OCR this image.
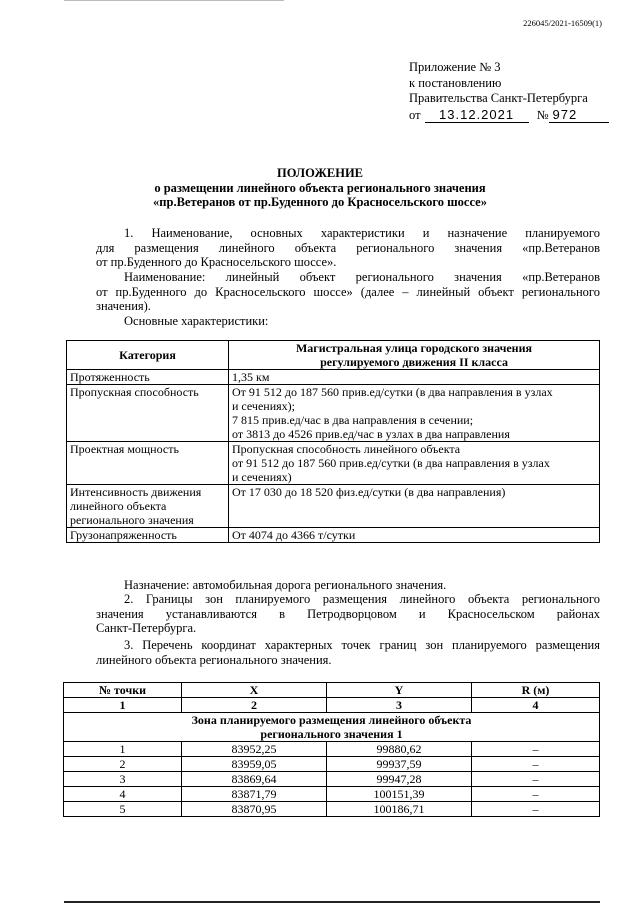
226045/2021-16509(1)
Приложение № 3
к постановлению
Правительства Санкт-Петербурга
от	13.12.2021	№ 972
ПОЛОЖЕНИЕ
о размещении линейного объекта регионального значения
«пр.Ветеранов от пр.Буденного до Красносельского шоссе»
1. Наименование, основных характеристики и назначение планируемого
для размещения линейного объекта регионального значения «пр.Ветеранов
от пр.Буденного до Красносельского шоссе».
Наименование: линейный объект регионального значения «пр.Ветеранов
от пр.Буденного до Красносельского шоссе» (далее – линейный объект регионального
значения).
Основные характеристики:
Категория	Магистральная улица городского значения
регулируемого движения II класса

Протяженность	1,35 км

Пропускная способность	От 91 512 до 187 560 прив.ед/сутки (в два направления в узлах
и сечениях);
7 815 прив.ед/час в два направления в сечении;
от 3813 до 4526 прив.ед/час в узлах в два направления

Проектная мощность	Пропускная способность линейного объекта
от 91 512 до 187 560 прив.ед/сутки (в два направления в узлах
и сечениях)

Интенсивность движения
линейного объекта
регионального значения	От 17 030 до 18 520 физ.ед/сутки (в два направления)

Грузонапряженность	От 4074 до 4366 т/сутки
Назначение: автомобильная дорога регионального значения.
2. Границы зон планируемого размещения линейного объекта регионального
значения устанавливаются в Петродворцовом и Красносельском районах
Санкт-Петербурга.
3. Перечень координат характерных точек границ зон планируемого размещения
линейного объекта регионального значения.
№ точки	X	Y	R (м)
1	2	3	4

Зона планируемого размещения линейного объекта
регионального значения 1			

1	83952,25	99880,62	–
2	83959,05	99937,59	–
3	83869,64	99947,28	–
4	83871,79	100151,39	–
5	83870,95	100186,71	–
